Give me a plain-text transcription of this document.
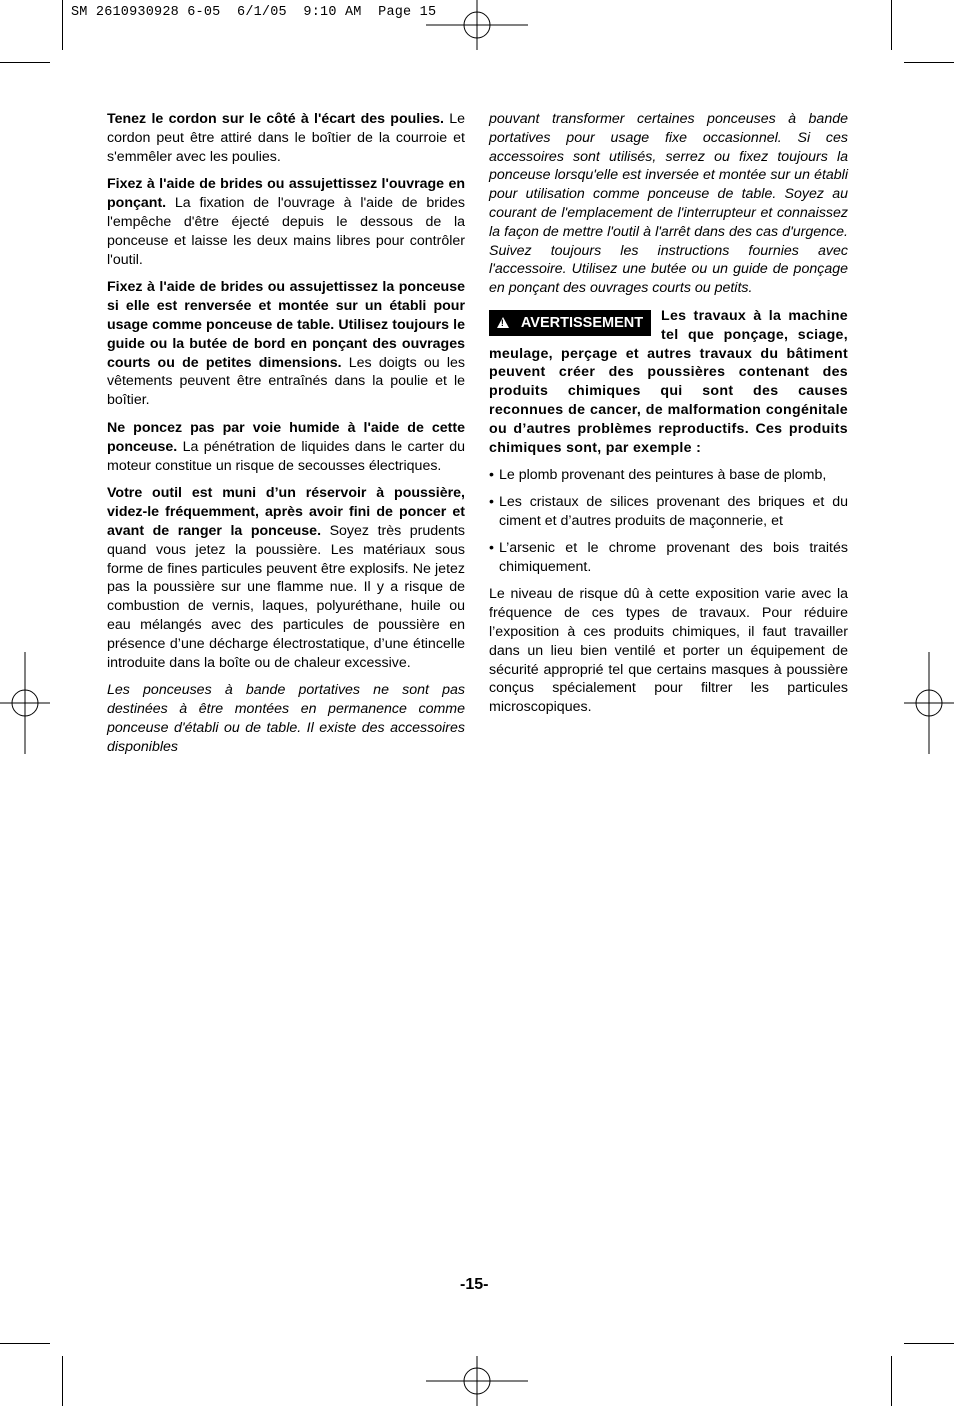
SM 2610930928 6-05  6/1/05  9:10 AM  Page 15

Tenez le cordon sur le côté à l'écart des poulies. Le cordon peut être attiré dans le boîtier de la courroie et s'emmêler avec les poulies.

Fixez à l'aide de brides ou assujettissez l'ouvrage en ponçant. La fixation de l'ouvrage à l'aide de brides l'empêche d'être éjecté depuis le dessous de la ponceuse et laisse les deux mains libres pour contrôler l'outil.

Fixez à l'aide de brides ou assujettissez la ponceuse si elle est renversée et montée sur un établi pour usage comme ponceuse de table. Utilisez toujours le guide ou la butée de bord en ponçant des ouvrages courts ou de petites dimensions. Les doigts ou les vêtements peuvent être entraînés dans la poulie et le boîtier.

Ne poncez pas par voie humide à l'aide de cette ponceuse. La pénétration de liquides dans le carter du moteur constitue un risque de secousses électriques.

Votre outil est muni d’un réservoir à poussière, videz-le fréquemment, après avoir fini de poncer et avant de ranger la ponceuse. Soyez très prudents quand vous jetez la poussière. Les matériaux sous forme de fines particules peuvent être explosifs. Ne jetez pas la poussière sur une flamme nue. Il y a risque de combustion de vernis, laques, polyuréthane, huile ou eau mélangés avec des particules de poussière en présence d’une décharge électrostatique, d’une étincelle introduite dans la boîte ou de chaleur excessive.

Les ponceuses à bande portatives ne sont pas destinées à être montées en permanence comme ponceuse d'établi ou de table. Il existe des accessoires disponibles

pouvant transformer certaines ponceuses à bande portatives pour usage fixe occasionnel. Si ces accessoires sont utilisés, serrez ou fixez toujours la ponceuse lorsqu'elle est inversée et montée sur un établi pour utilisation comme ponceuse de table. Soyez au courant de l'emplacement de l'interrupteur et connaissez la façon de mettre l'outil à l'arrêt dans des cas d'urgence. Suivez toujours les instructions fournies avec l'accessoire. Utilisez une butée ou un guide de ponçage en ponçant des ouvrages courts ou petits.

!
AVERTISSEMENT Les travaux à la machine tel que ponçage, sciage, meulage, perçage et autres travaux du bâtiment peuvent créer des poussières contenant des produits chimiques qui sont des causes reconnues de cancer, de malformation congénitale ou d’autres problèmes reproductifs. Ces produits chimiques sont, par exemple :

• Le plomb provenant des peintures à base de plomb,
• Les cristaux de silices provenant des briques et du ciment et d’autres produits de maçonnerie, et
• L’arsenic et le chrome provenant des bois traités chimiquement.

Le niveau de risque dû à cette exposition varie avec la fréquence de ces types de travaux. Pour réduire l’exposition à ces produits chimiques, il faut travailler dans un lieu bien ventilé et porter un équipement de sécurité approprié tel que certains masques à poussière conçus spécialement pour filtrer les particules microscopiques.

-15-
